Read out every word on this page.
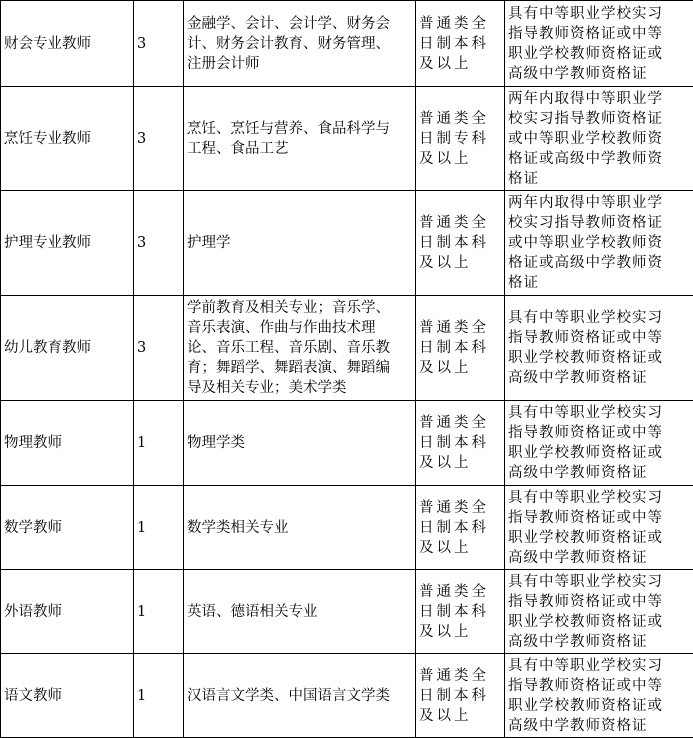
财会专业教师	3	金融学、会计、会计学、财务会
计、财务会计教育、财务管理、
注册会计师	普通类全
日制本科
及以上	具有中等职业学校实习
指导教师资格证或中等
职业学校教师资格证或
高级中学教师资格证
烹饪专业教师	3	烹饪、烹饪与营养、食品科学与
工程、食品工艺	普通类全
日制专科
及以上	两年内取得中等职业学
校实习指导教师资格证
或中等职业学校教师资
格证或高级中学教师资
格证
护理专业教师	3	护理学	普通类全
日制本科
及以上	两年内取得中等职业学
校实习指导教师资格证
或中等职业学校教师资
格证或高级中学教师资
格证
幼儿教育教师	3	学前教育及相关专业；音乐学、
音乐表演、作曲与作曲技术理
论、音乐工程、音乐剧、音乐教
育；舞蹈学、舞蹈表演、舞蹈编
导及相关专业；美术学类	普通类全
日制本科
及以上	具有中等职业学校实习
指导教师资格证或中等
职业学校教师资格证或
高级中学教师资格证
物理教师	1	物理学类	普通类全
日制本科
及以上	具有中等职业学校实习
指导教师资格证或中等
职业学校教师资格证或
高级中学教师资格证
数学教师	1	数学类相关专业	普通类全
日制本科
及以上	具有中等职业学校实习
指导教师资格证或中等
职业学校教师资格证或
高级中学教师资格证
外语教师	1	英语、德语相关专业	普通类全
日制本科
及以上	具有中等职业学校实习
指导教师资格证或中等
职业学校教师资格证或
高级中学教师资格证
语文教师	1	汉语言文学类、中国语言文学类	普通类全
日制本科
及以上	具有中等职业学校实习
指导教师资格证或中等
职业学校教师资格证或
高级中学教师资格证
